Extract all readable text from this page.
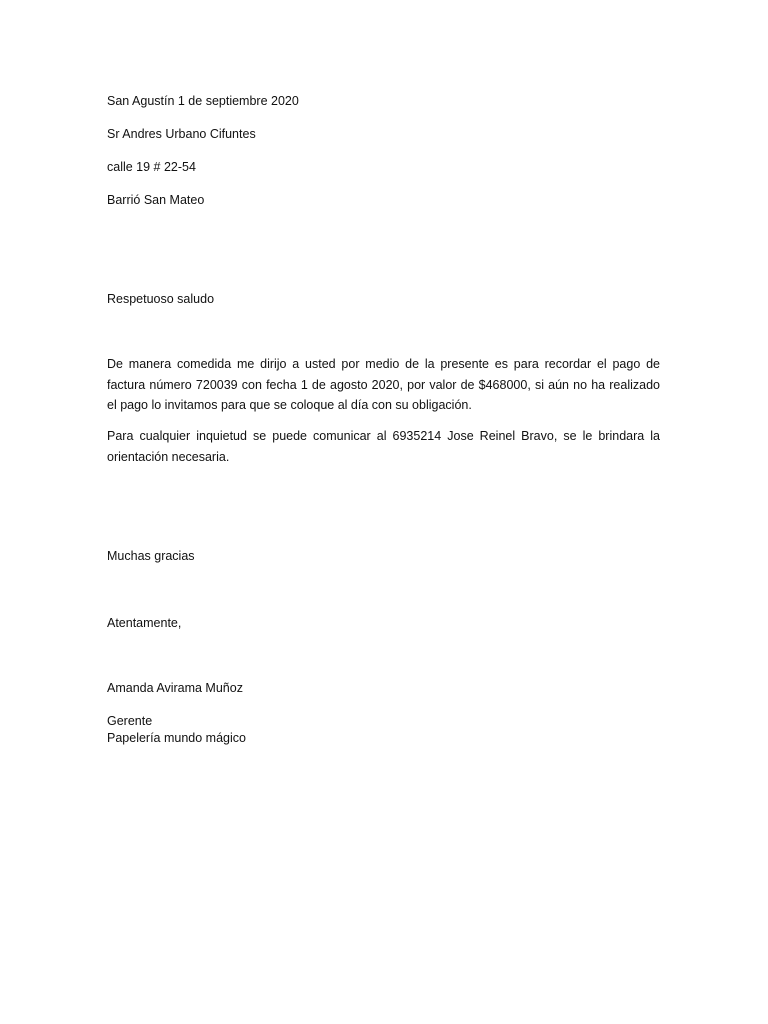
San Agustín 1 de septiembre 2020
Sr Andres Urbano Cifuntes
calle 19 # 22-54
Barrió San Mateo
Respetuoso saludo
De manera comedida me dirijo a usted por medio de la presente es para recordar el pago de factura número 720039 con fecha 1 de agosto 2020, por valor de $468000, si aún no ha realizado el pago lo invitamos para que se coloque al día con su obligación.
Para cualquier inquietud se puede comunicar al 6935214 Jose Reinel Bravo, se le brindara la orientación necesaria.
Muchas gracias
Atentamente,
Amanda Avirama Muñoz
Gerente
Papelería mundo mágico
